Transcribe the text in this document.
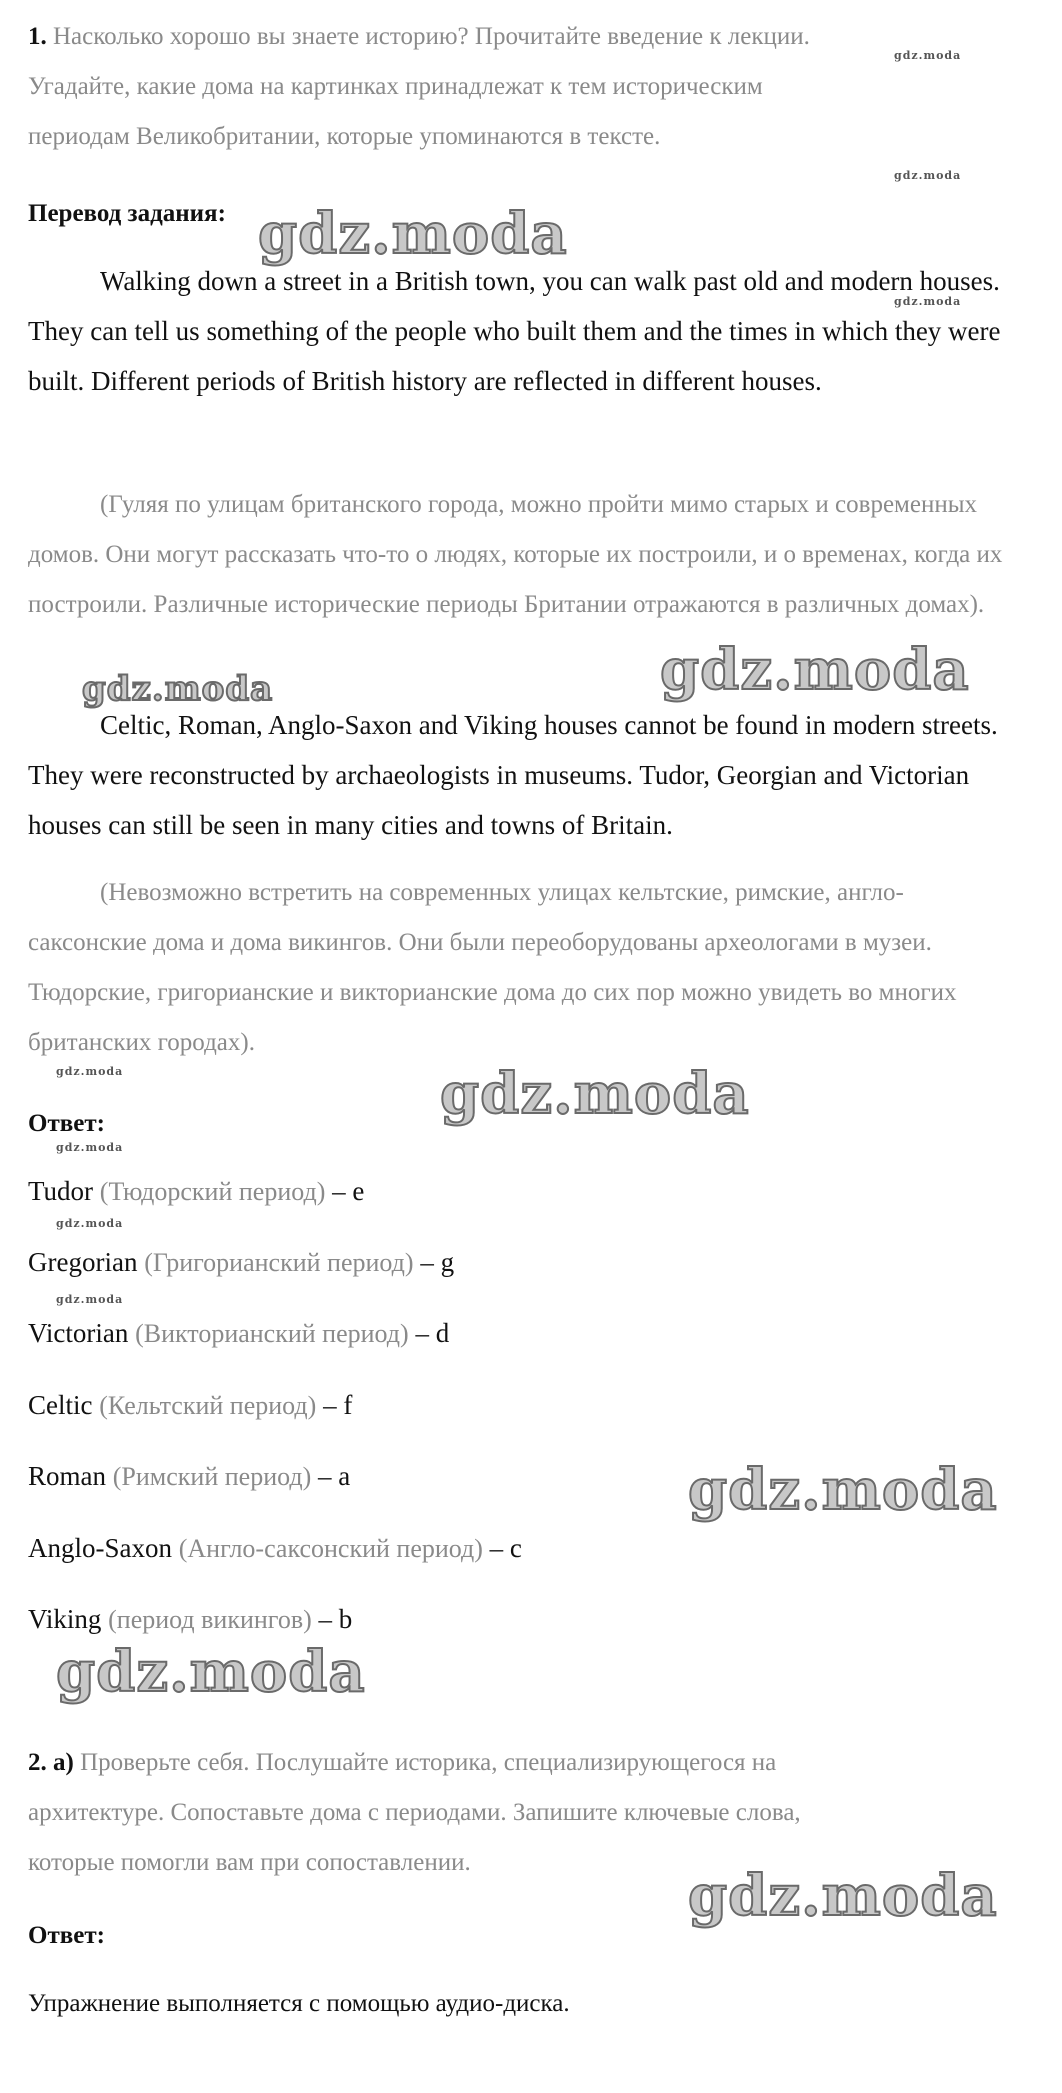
1. Насколько хорошо вы знаете историю? Прочитайте введение к лекции.
Угадайте, какие дома на картинках принадлежат к тем историческим
периодам Великобритании, которые упоминаются в тексте.
Перевод задания:

Walking down a street in a British town, you can walk past old and modern houses. They can tell us something of the people who built them and the times in which they were built. Different periods of British history are reflected in different houses.

(Гуляя по улицам британского города, можно пройти мимо старых и современных домов. Они могут рассказать что-то о людях, которые их построили, и о временах, когда их построили. Различные исторические периоды Британии отражаются в различных домах).

Celtic, Roman, Anglo-Saxon and Viking houses cannot be found in modern streets. They were reconstructed by archaeologists in museums. Tudor, Georgian and Victorian houses can still be seen in many cities and towns of Britain.

(Невозможно встретить на современных улицах кельтские, римские, англо-саксонские дома и дома викингов. Они были переоборудованы археологами в музеи. Тюдорские, григорианские и викторианские дома до сих пор можно увидеть во многих британских городах).

Ответ:
Tudor (Тюдорский период) – e
Gregorian (Григорианский период) – g
Victorian (Викторианский период) – d
Celtic (Кельтский период) – f
Roman (Римский период) – a
Anglo-Saxon (Англо-саксонский период) – c
Viking (период викингов) – b
2. a) Проверьте себя. Послушайте историка, специализирующегося на
архитектуре. Сопоставьте дома с периодами. Запишите ключевые слова,
которые помогли вам при сопоставлении.
Ответ:
Упражнение выполняется с помощью аудио-диска.
gdz.moda
gdz.moda
gdz.moda
gdz.moda
gdz.moda
gdz.moda
gdz.moda
gdz.moda
gdz.moda
gdz.moda
gdz.moda
gdz.moda
gdz.moda
gdz.moda
